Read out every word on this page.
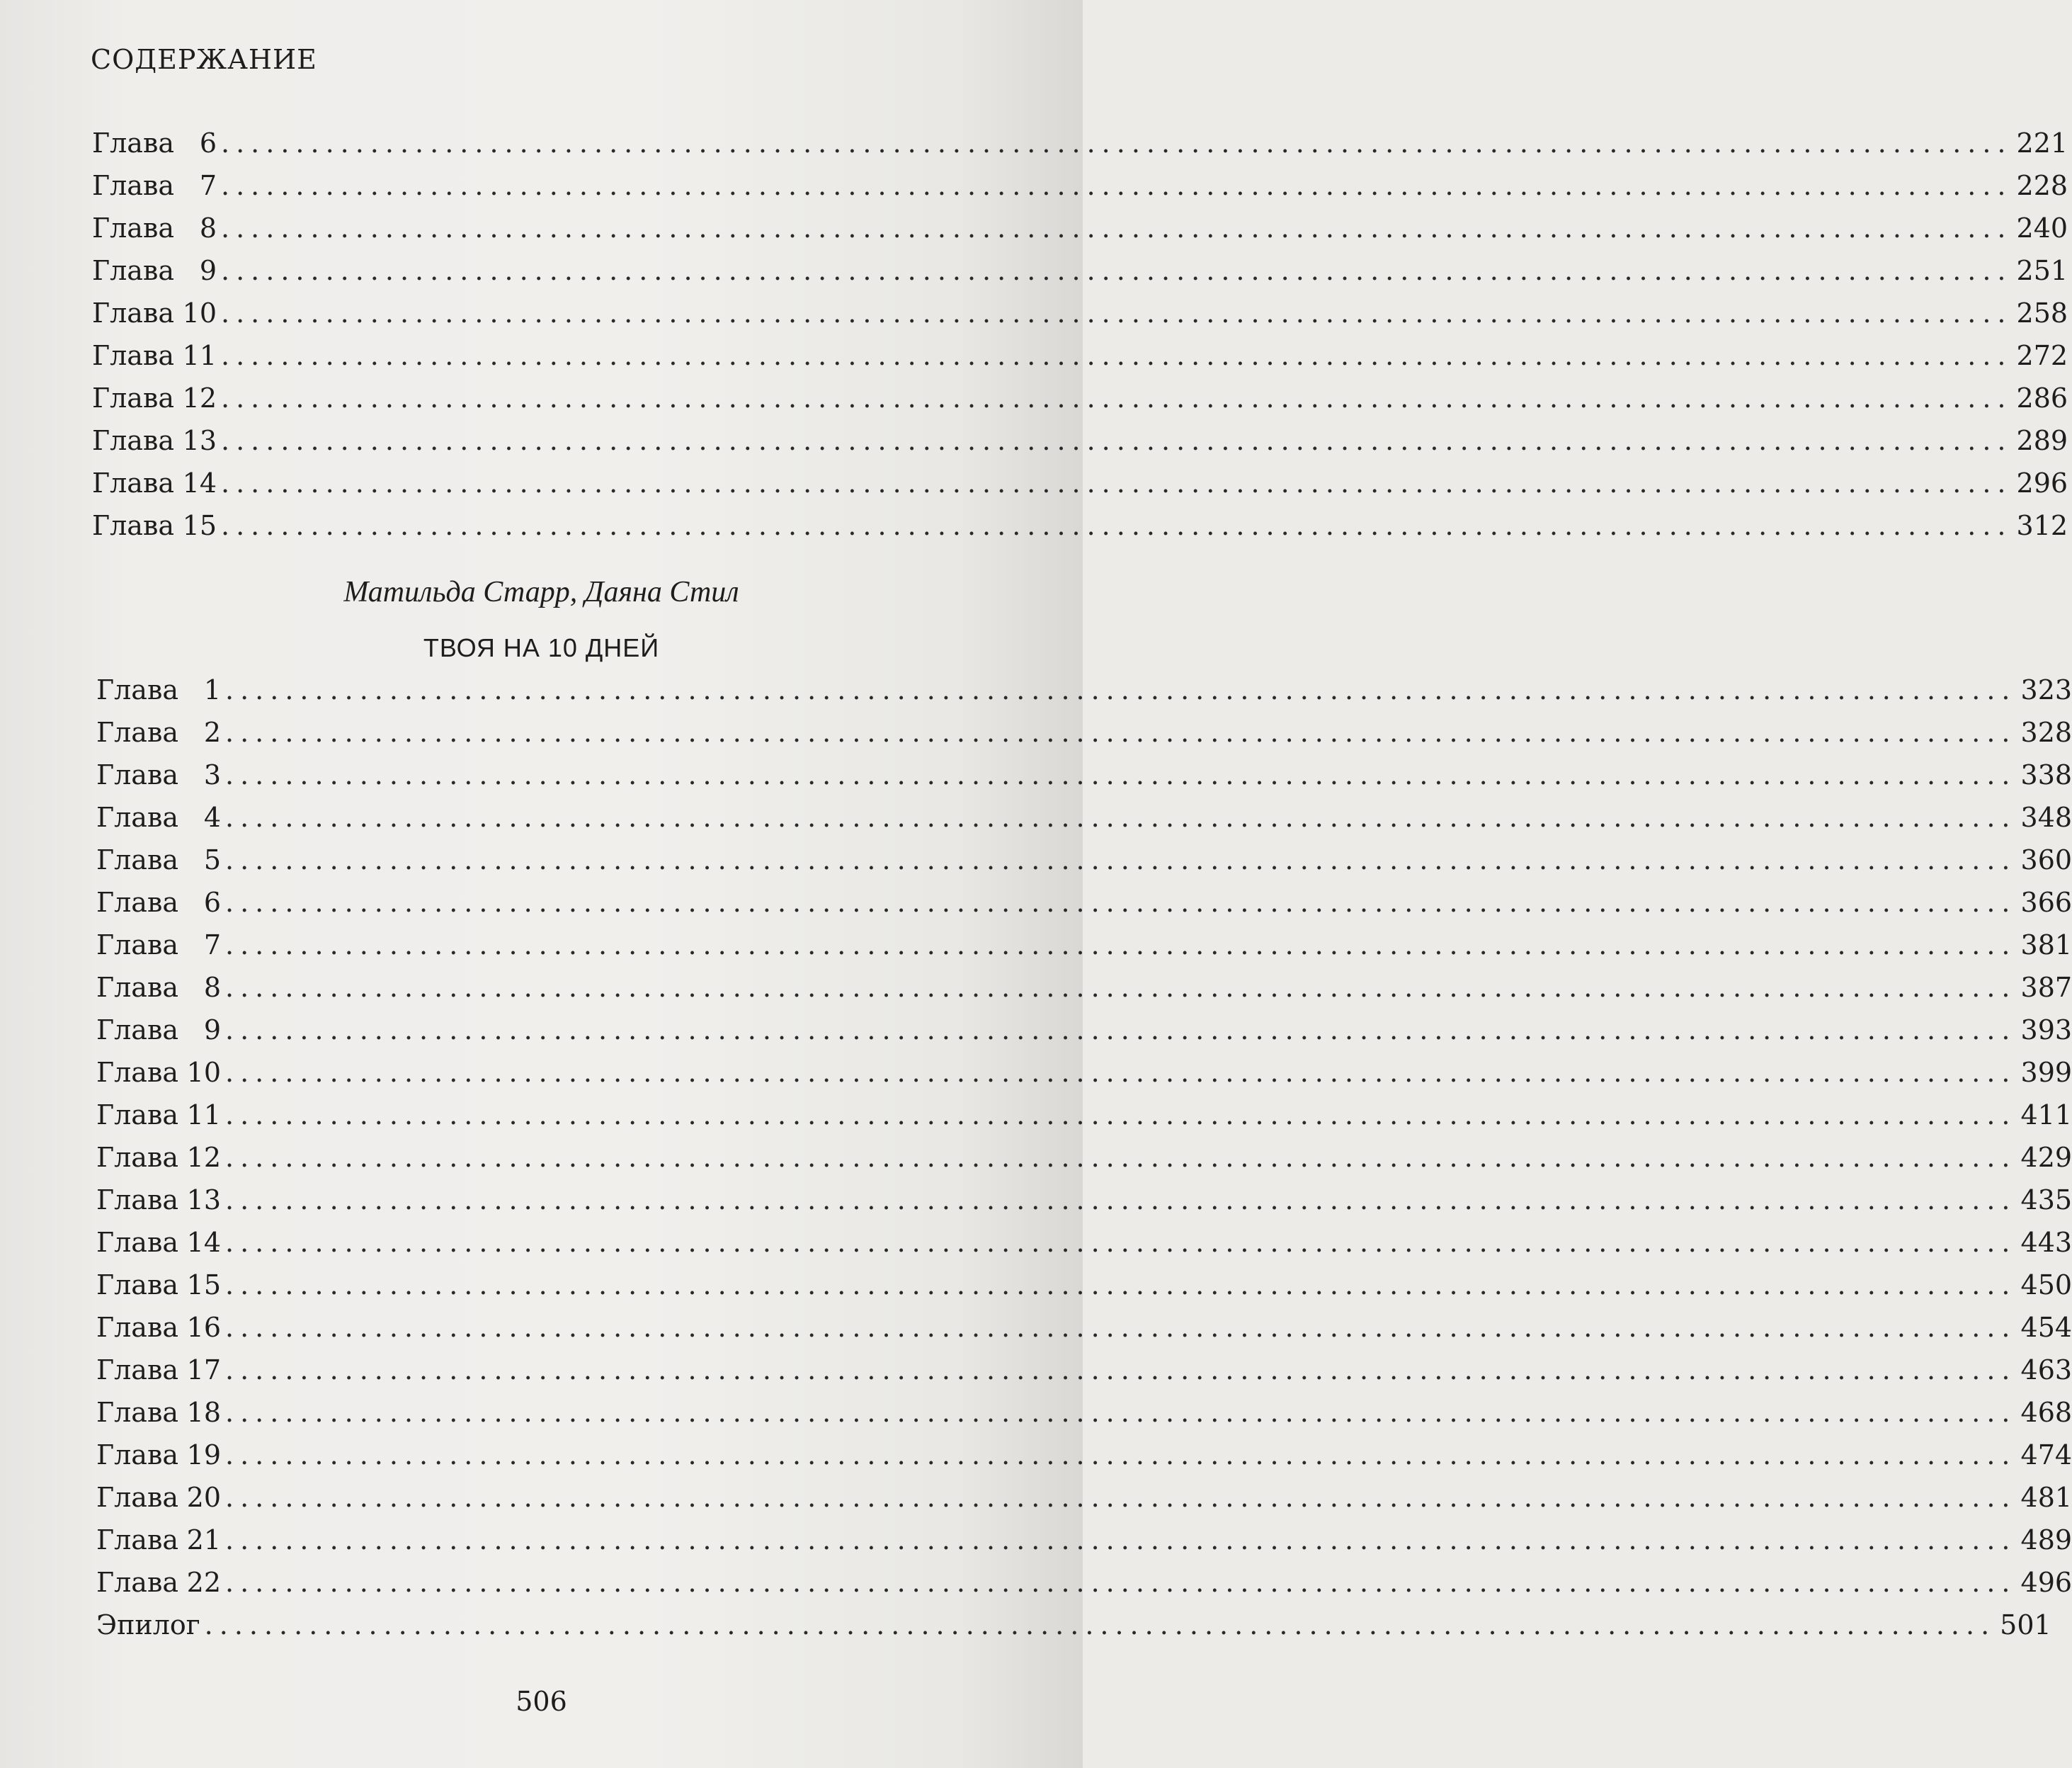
СОДЕРЖАНИЕ
Глава 6 ........................................................................................................................ 221
Глава 7 ........................................................................................................................ 228
Глава 8 ........................................................................................................................ 240
Глава 9 ........................................................................................................................ 251
Глава 10 ........................................................................................................................ 258
Глава 11 ........................................................................................................................ 272
Глава 12 ........................................................................................................................ 286
Глава 13 ........................................................................................................................ 289
Глава 14 ........................................................................................................................ 296
Глава 15 ........................................................................................................................ 312
Матильда Старр, Даяна Стил
ТВОЯ НА 10 ДНЕЙ
Глава 1 ........................................................................................................................ 323
Глава 2 ........................................................................................................................ 328
Глава 3 ........................................................................................................................ 338
Глава 4 ........................................................................................................................ 348
Глава 5 ........................................................................................................................ 360
Глава 6 ........................................................................................................................ 366
Глава 7 ........................................................................................................................ 381
Глава 8 ........................................................................................................................ 387
Глава 9 ........................................................................................................................ 393
Глава 10 ........................................................................................................................ 399
Глава 11 ........................................................................................................................ 411
Глава 12 ........................................................................................................................ 429
Глава 13 ........................................................................................................................ 435
Глава 14 ........................................................................................................................ 443
Глава 15 ........................................................................................................................ 450
Глава 16 ........................................................................................................................ 454
Глава 17 ........................................................................................................................ 463
Глава 18 ........................................................................................................................ 468
Глава 19 ........................................................................................................................ 474
Глава 20 ........................................................................................................................ 481
Глава 21 ........................................................................................................................ 489
Глава 22 ........................................................................................................................ 496
Эпилог ........................................................................................................................ 501
506
